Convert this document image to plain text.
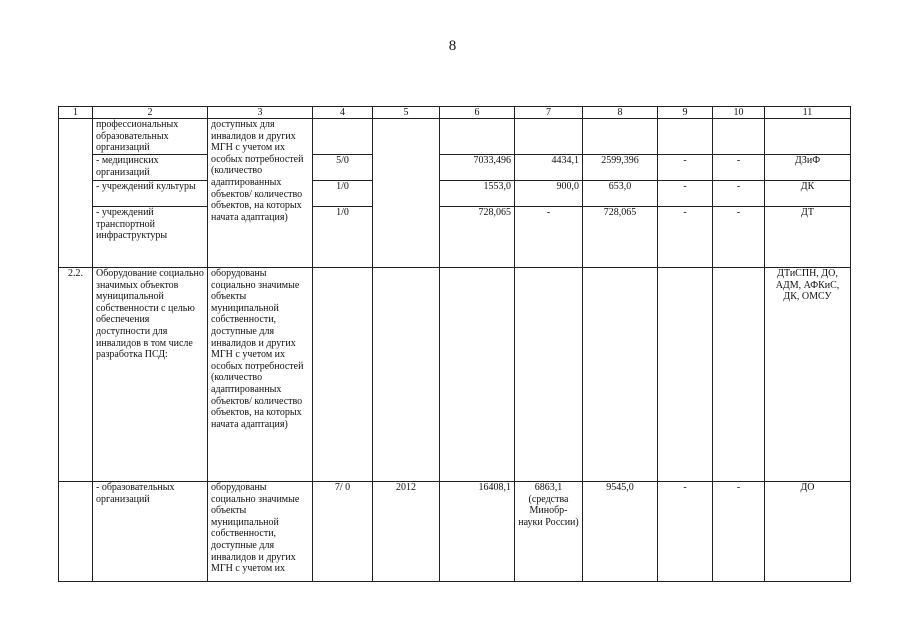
8
1	2	3	4	5	6	7	8	9	10	11
	профессиональных образовательных организаций	доступных для инвалидов и других МГН с учетом их особых потребностей (количество адаптированных объектов/ количество объектов, на которых начата адаптация)								
	- медицинских организаций		5/0		7033,496	4434,1	2599,396	-	-	ДЗиФ
	- учреждений культуры		1/0		1553,0	900,0	653,0	-	-	ДК
	- учреждений транспортной инфраструктуры		1/0		728,065	-	728,065	-	-	ДТ
2.2.	Оборудование социально значимых объектов муниципальной собственности с целью обеспечения доступности для инвалидов в том числе разработка ПСД:	оборудованы социально значимые объекты муниципальной собственности, доступные для инвалидов и других МГН с учетом их особых потребностей (количество адаптированных объектов/ количество объектов, на которых начата адаптация)								ДТиСПН, ДО, АДМ, АФКиС, ДК, ОМСУ
	- образовательных организаций	оборудованы социально значимые объекты муниципальной собственности, доступные для инвалидов и других МГН с учетом их	7/ 0	2012	16408,1	6863,1 (средства Минобр-науки России)	9545,0	-	-	ДО
